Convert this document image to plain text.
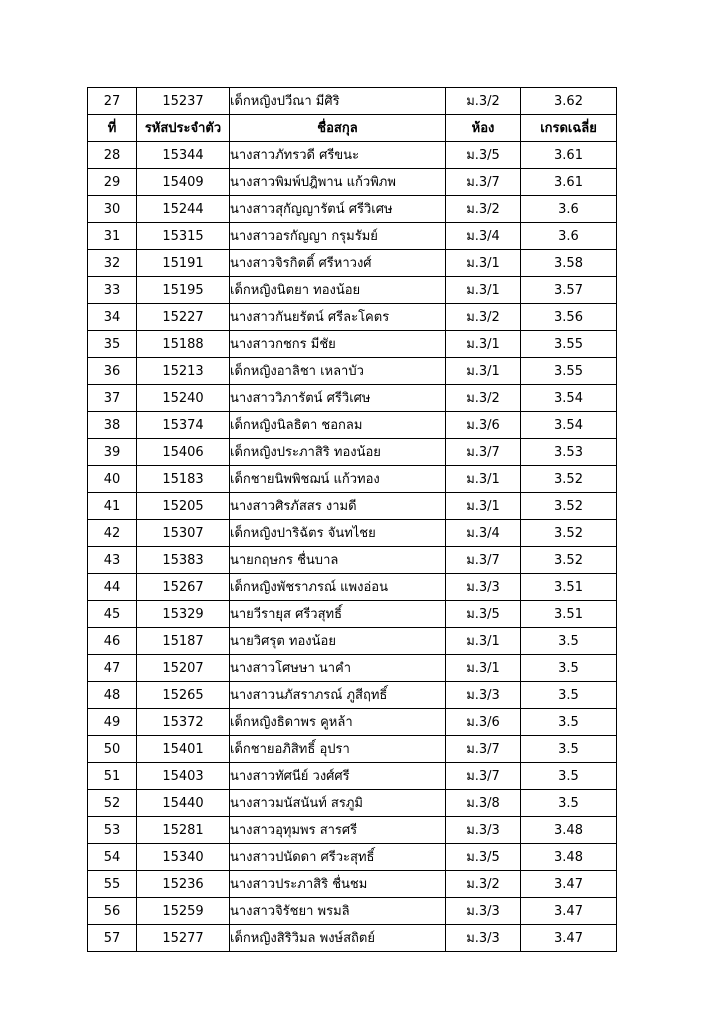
27	15237	เด็กหญิงปวีณา มีศิริ	ม.3/2	3.62
ที่	รหัสประจำตัว	ชื่อสกุล	ห้อง	เกรดเฉลี่ย
28	15344	นางสาวภัทรวดี ศรีขนะ	ม.3/5	3.61
29	15409	นางสาวพิมพ์ปฎิพาน แก้วพิภพ	ม.3/7	3.61
30	15244	นางสาวสุกัญญารัตน์ ศรีวิเศษ	ม.3/2	3.6
31	15315	นางสาวอรกัญญา กรุมรัมย์	ม.3/4	3.6
32	15191	นางสาวจิรกิตติ์ ศรีหาวงศ์	ม.3/1	3.58
33	15195	เด็กหญิงนิตยา ทองน้อย	ม.3/1	3.57
34	15227	นางสาวกันยรัตน์ ศรีละโคตร	ม.3/2	3.56
35	15188	นางสาวกชกร มีชัย	ม.3/1	3.55
36	15213	เด็กหญิงอาลิชา เหลาบัว	ม.3/1	3.55
37	15240	นางสาววิภารัตน์ ศรีวิเศษ	ม.3/2	3.54
38	15374	เด็กหญิงนิลธิตา ชอกลม	ม.3/6	3.54
39	15406	เด็กหญิงประภาสิริ ทองน้อย	ม.3/7	3.53
40	15183	เด็กชายนิพพิชฌน์ แก้วทอง	ม.3/1	3.52
41	15205	นางสาวศิรภัสสร งามดี	ม.3/1	3.52
42	15307	เด็กหญิงปาริฉัตร จันทไชย	ม.3/4	3.52
43	15383	นายกฤษกร ชื่นบาล	ม.3/7	3.52
44	15267	เด็กหญิงพัชราภรณ์ แพงอ่อน	ม.3/3	3.51
45	15329	นายวีรายุส ศรีวสุทธิ์	ม.3/5	3.51
46	15187	นายวิศรุต ทองน้อย	ม.3/1	3.5
47	15207	นางสาวโศษษา นาคำ	ม.3/1	3.5
48	15265	นางสาวนภัสราภรณ์ ภูสีฤทธิ์	ม.3/3	3.5
49	15372	เด็กหญิงธิดาพร คูหล้า	ม.3/6	3.5
50	15401	เด็กชายอภิสิทธิ์ อุปรา	ม.3/7	3.5
51	15403	นางสาวทัศนีย์ วงศ์ศรี	ม.3/7	3.5
52	15440	นางสาวมนัสนันท์ สรภูมิ	ม.3/8	3.5
53	15281	นางสาวอุทุมพร สารศรี	ม.3/3	3.48
54	15340	นางสาวปนัดดา ศรีวะสุทธิ์	ม.3/5	3.48
55	15236	นางสาวประภาสิริ ชื่นชม	ม.3/2	3.47
56	15259	นางสาวจิรัชยา พรมลิ	ม.3/3	3.47
57	15277	เด็กหญิงสิริวิมล พงษ์สถิตย์	ม.3/3	3.47
